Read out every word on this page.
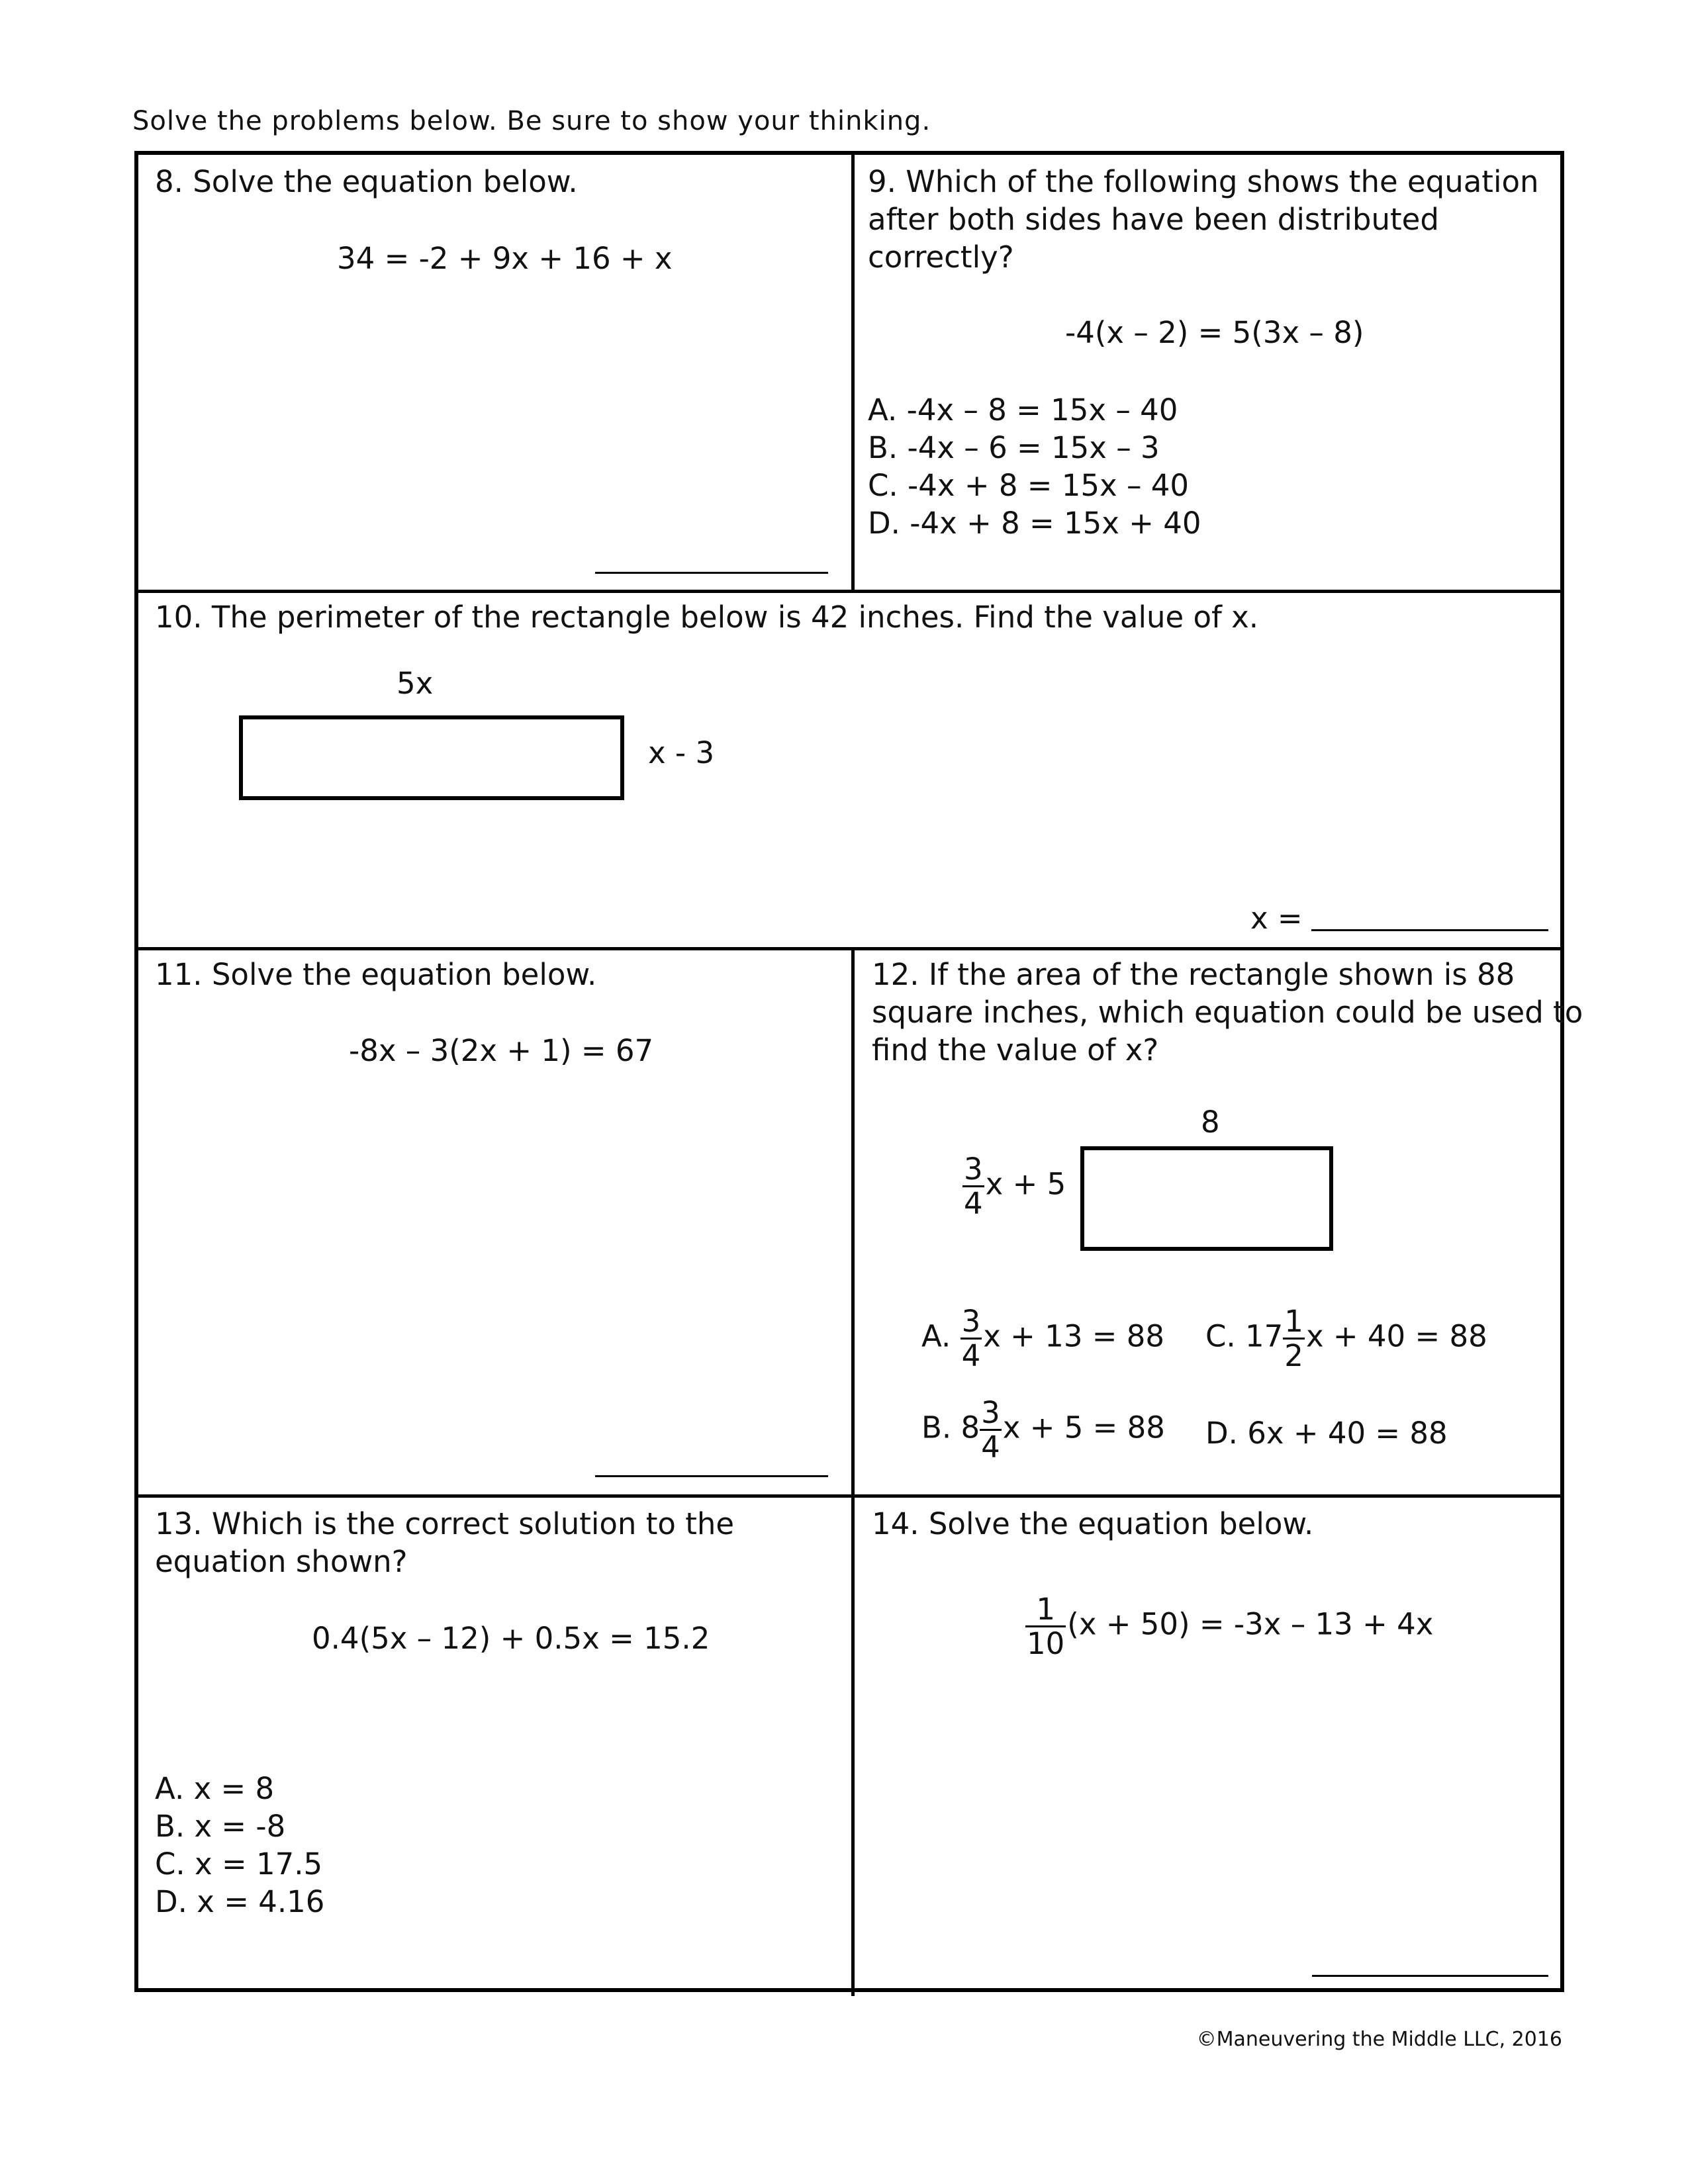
Solve the problems below. Be sure to show your thinking.
8. Solve the equation below.
34 = -2 + 9x + 16 + x
9. Which of the following shows the equation
after both sides have been distributed
correctly?
-4(x – 2) = 5(3x – 8)
A. -4x – 8 = 15x – 40
B. -4x – 6 = 15x – 3
C. -4x + 8 = 15x – 40
D. -4x + 8 = 15x + 40
10. The perimeter of the rectangle below is 42 inches. Find the value of x.
5x
x - 3
x =
11. Solve the equation below.
-8x – 3(2x + 1) = 67
12. If the area of the rectangle shown is 88
square inches, which equation could be used to
find the value of x?
8
$\frac{3}{4}$ x + 5
A. $\frac{3}{4}$ x + 13 = 88 C. $17 \frac{1}{2}$ x + 40 = 88
B. $8 \frac{3}{4}$ x + 5 = 88 D. 6x + 40 = 88
13. Which is the correct solution to the
equation shown?
0.4(5x – 12) + 0.5x = 15.2
A. x = 8
B. x = -8
C. x = 17.5
D. x = 4.16
14. Solve the equation below.
$\frac{1}{10} (x + 50) = -3x - 13 + 4x$
©Maneuvering the Middle LLC, 2016
